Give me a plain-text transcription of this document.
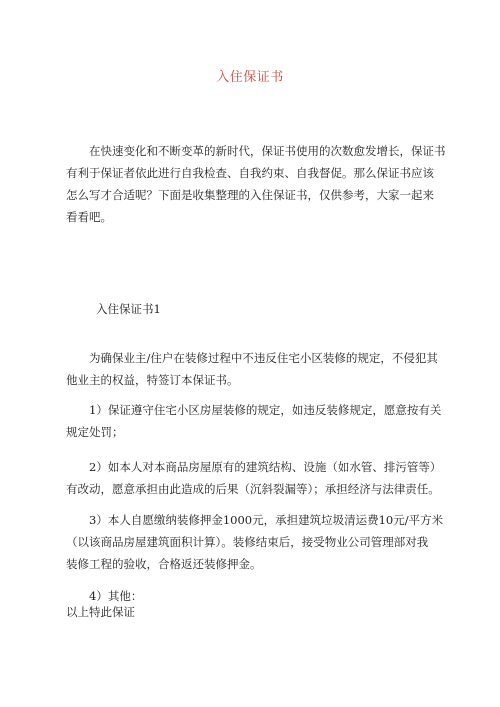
入住保证书
在快速变化和不断变革的新时代，保证书使用的次数愈发增长，保证书
有利于保证者依此进行自我检查、自我约束、自我督促。那么保证书应该
怎么写才合适呢？下面是收集整理的入住保证书，仅供参考，大家一起来
看看吧。
入住保证书1
为确保业主/住户在装修过程中不违反住宅小区装修的规定，不侵犯其
他业主的权益，特签订本保证书。
1）保证遵守住宅小区房屋装修的规定，如违反装修规定，愿意按有关
规定处罚；
2）如本人对本商品房屋原有的建筑结构、设施（如水管、排污管等）
有改动，愿意承担由此造成的后果（沉斜裂漏等）；承担经济与法律责任。
3）本人自愿缴纳装修押金1000元，承担建筑垃圾清运费10元/平方米
（以该商品房屋建筑面积计算）。装修结束后，接受物业公司管理部对我
装修工程的验收，合格返还装修押金。
4）其他：
以上特此保证
